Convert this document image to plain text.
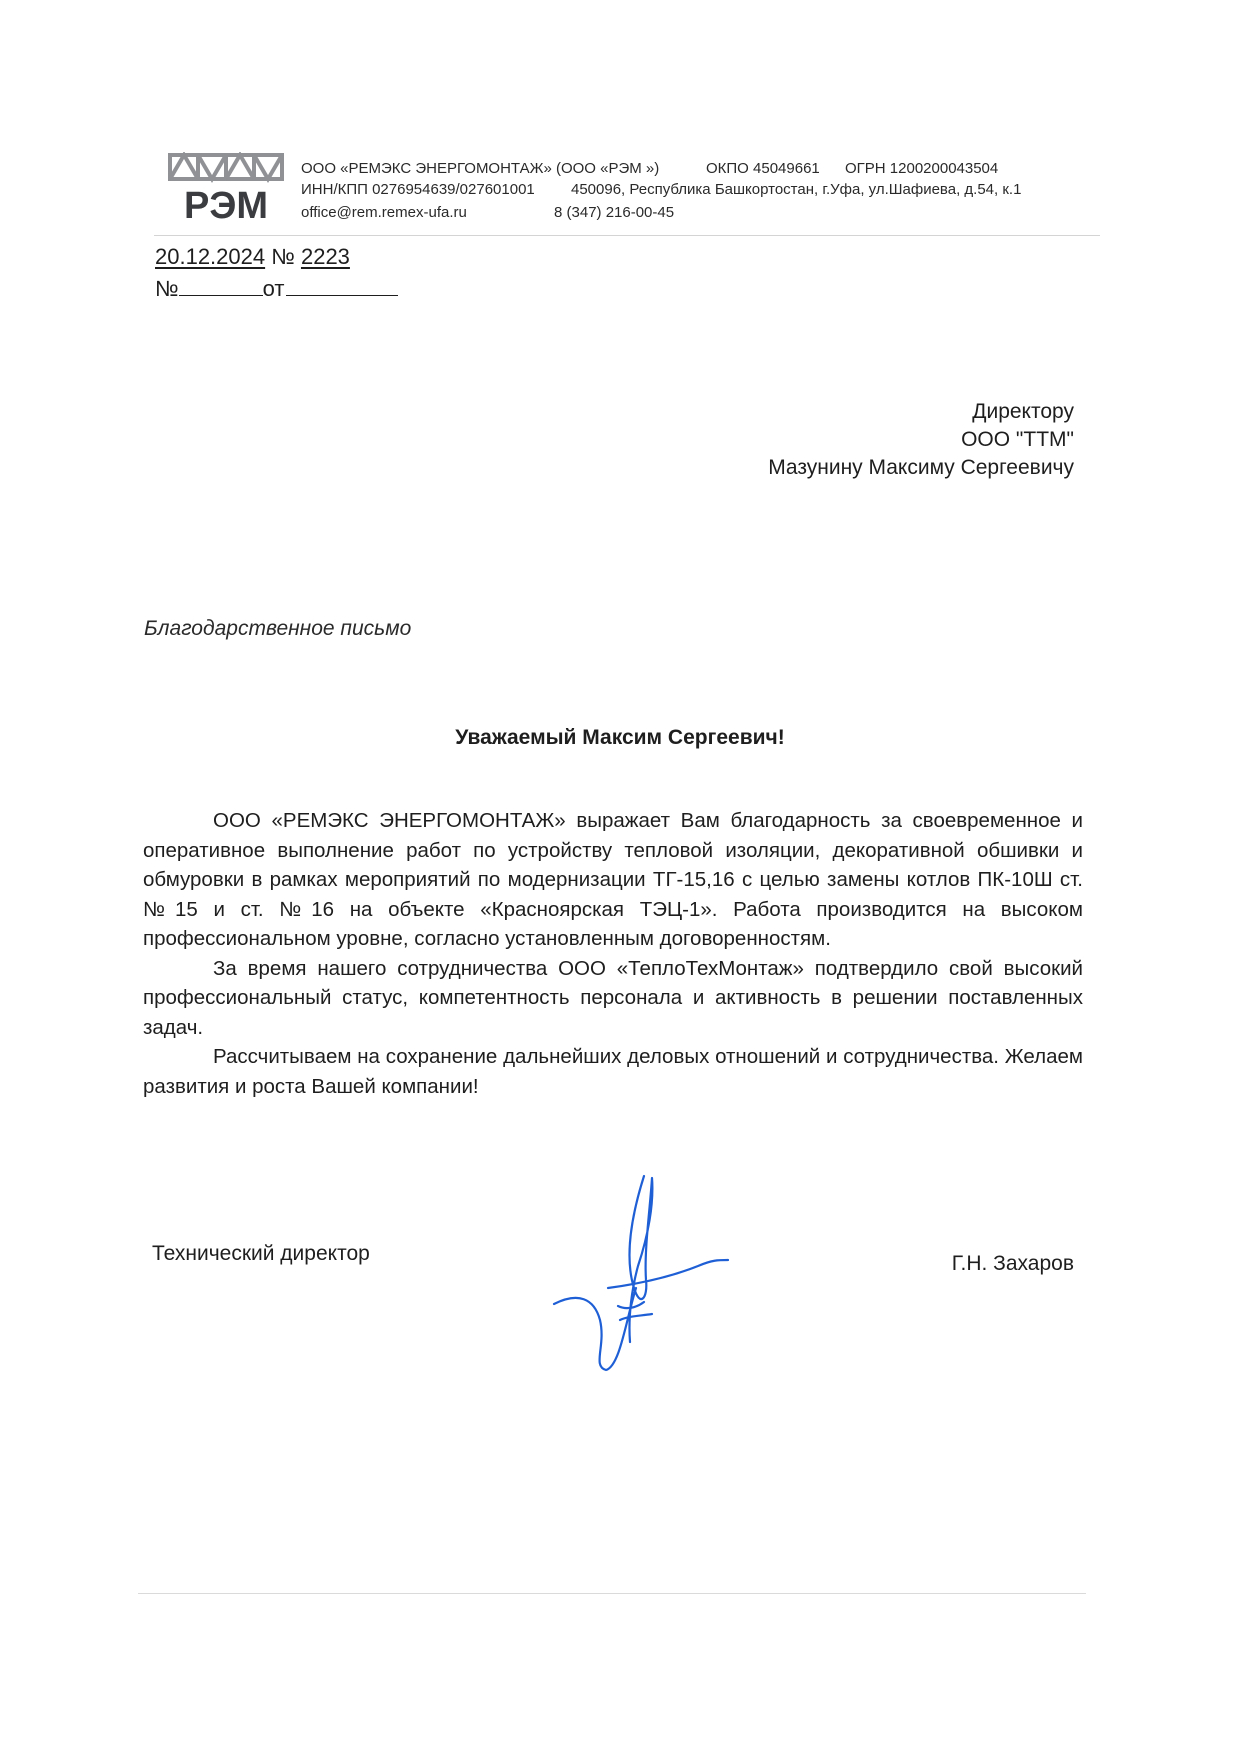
РЭМ
ООО «РЕМЭКС ЭНЕРГОМОНТАЖ» (ООО «РЭМ »)	ОКПО 45049661 ОГРН 1200200043504
ИНН/КПП 0276954639/027601001 450096, Республика Башкортостан, г.Уфа, ул.Шафиева, д.54, к.1
office@rem.remex-ufa.ru	8 (347) 216-00-45
20.12.2024 № 2223
№	от
Директору
ООО "ТТМ"
Мазунину Максиму Сергеевичу
Благодарственное письмо
Уважаемый Максим Сергеевич!

ООО «РЕМЭКС ЭНЕРГОМОНТАЖ» выражает Вам благодарность за своевременное и оперативное выполнение работ по устройству тепловой изоляции, декоративной обшивки и обмуровки в рамках мероприятий по модернизации ТГ-15,16 с целью замены котлов ПК-10Ш ст. №15 и ст. №16 на объекте «Красноярская ТЭЦ-1». Работа производится на высоком профессиональном уровне, согласно установленным договоренностям.

За время нашего сотрудничества ООО «ТеплоТехМонтаж» подтвердило свой высокий профессиональный статус, компетентность персонала и активность в решении поставленных задач.

Рассчитываем на сохранение дальнейших деловых отношений и сотрудничества. Желаем развития и роста Вашей компании!

Технический директор	Г.Н. Захаров
